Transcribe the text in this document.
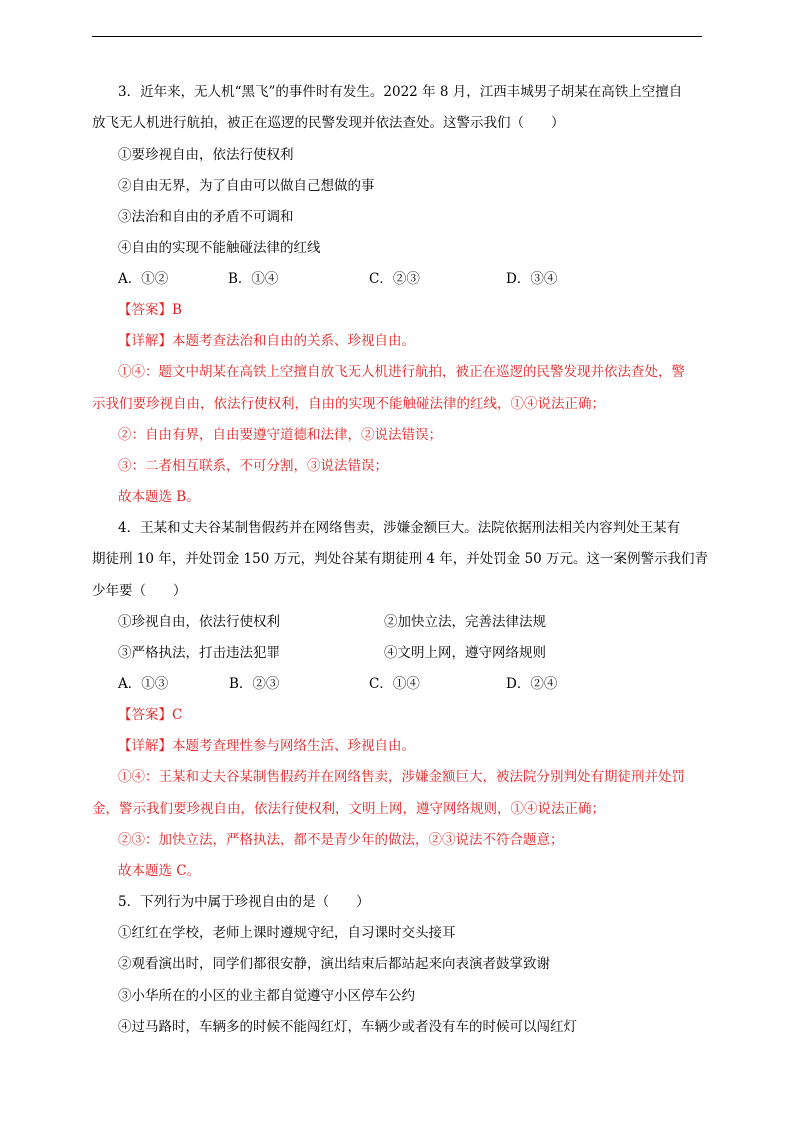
3．近年来，无人机“黑飞”的事件时有发生。2022 年 8 月，江西丰城男子胡某在高铁上空擅自
放飞无人机进行航拍，被正在巡逻的民警发现并依法查处。这警示我们（　　）
①要珍视自由，依法行使权利
②自由无界，为了自由可以做自己想做的事
③法治和自由的矛盾不可调和
④自由的实现不能触碰法律的红线
A．①②	B．①④	C．②③	D．③④
【答案】B
【详解】本题考查法治和自由的关系、珍视自由。
①④：题文中胡某在高铁上空擅自放飞无人机进行航拍，被正在巡逻的民警发现并依法查处，警
示我们要珍视自由，依法行使权利，自由的实现不能触碰法律的红线，①④说法正确；
②：自由有界，自由要遵守道德和法律，②说法错误；
③：二者相互联系，不可分割，③说法错误；
故本题选 B。
4．王某和丈夫谷某制售假药并在网络售卖，涉嫌金额巨大。法院依据刑法相关内容判处王某有
期徒刑 10 年，并处罚金 150 万元，判处谷某有期徒刑 4 年，并处罚金 50 万元。这一案例警示我们青
少年要（　　）
①珍视自由，依法行使权利	②加快立法，完善法律法规
③严格执法，打击违法犯罪	④文明上网，遵守网络规则
A．①③	B．②③	C．①④	D．②④
【答案】C
【详解】本题考查理性参与网络生活、珍视自由。
①④：王某和丈夫谷某制售假药并在网络售卖，涉嫌金额巨大，被法院分别判处有期徒刑并处罚
金，警示我们要珍视自由，依法行使权利，文明上网，遵守网络规则，①④说法正确；
②③：加快立法，严格执法，都不是青少年的做法，②③说法不符合题意；
故本题选 C。
5．下列行为中属于珍视自由的是（　　）
①红红在学校，老师上课时遵规守纪，自习课时交头接耳
②观看演出时，同学们都很安静，演出结束后都站起来向表演者鼓掌致谢
③小华所在的小区的业主都自觉遵守小区停车公约
④过马路时，车辆多的时候不能闯红灯，车辆少或者没有车的时候可以闯红灯
